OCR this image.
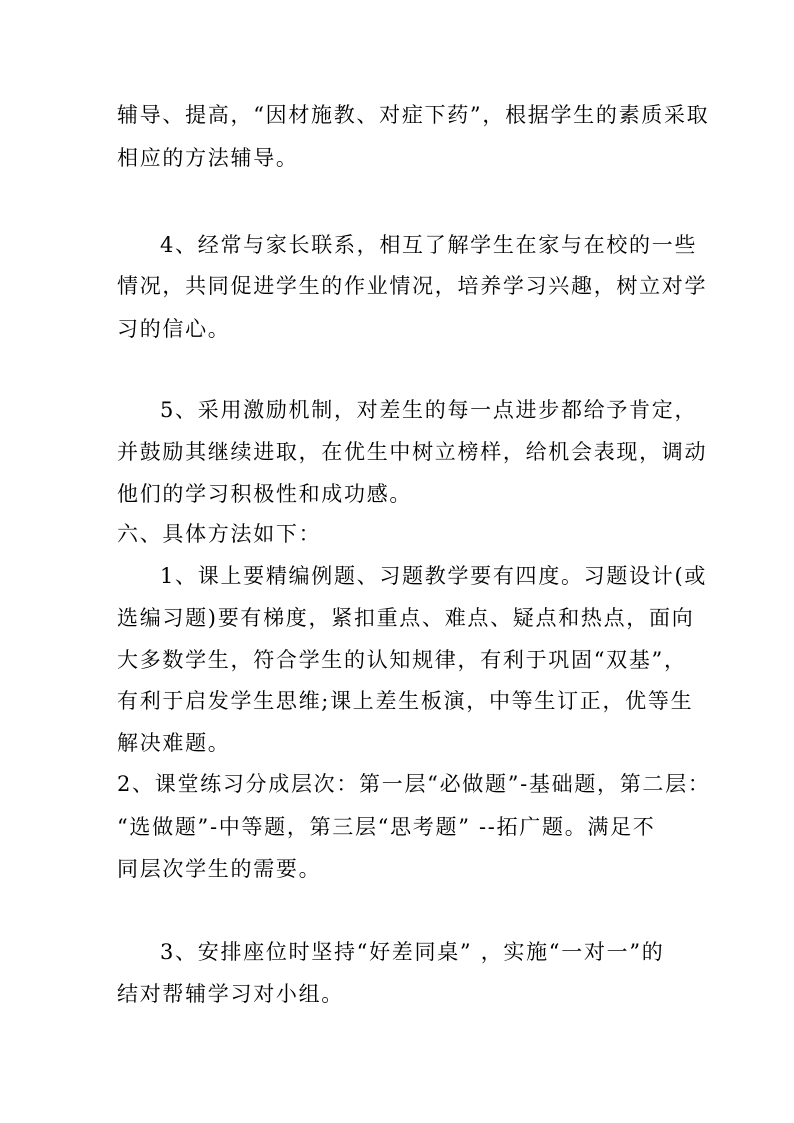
辅导、提高，“因材施教、对症下药”，根据学生的素质采取
相应的方法辅导。
4、经常与家长联系，相互了解学生在家与在校的一些
情况，共同促进学生的作业情况，培养学习兴趣，树立对学
习的信心。
5、采用激励机制，对差生的每一点进步都给予肯定，
并鼓励其继续进取，在优生中树立榜样，给机会表现，调动
他们的学习积极性和成功感。
六、具体方法如下：
1、课上要精编例题、习题教学要有四度。习题设计(或
选编习题)要有梯度，紧扣重点、难点、疑点和热点，面向
大多数学生，符合学生的认知规律，有利于巩固“双基”，
有利于启发学生思维;课上差生板演，中等生订正，优等生
解决难题。
2、课堂练习分成层次：第一层“必做题”-基础题，第二层：
“选做题”-中等题，第三层“思考题” --拓广题。满足不
同层次学生的需要。
3、安排座位时坚持“好差同桌” ，实施“一对一”的
结对帮辅学习对小组。
